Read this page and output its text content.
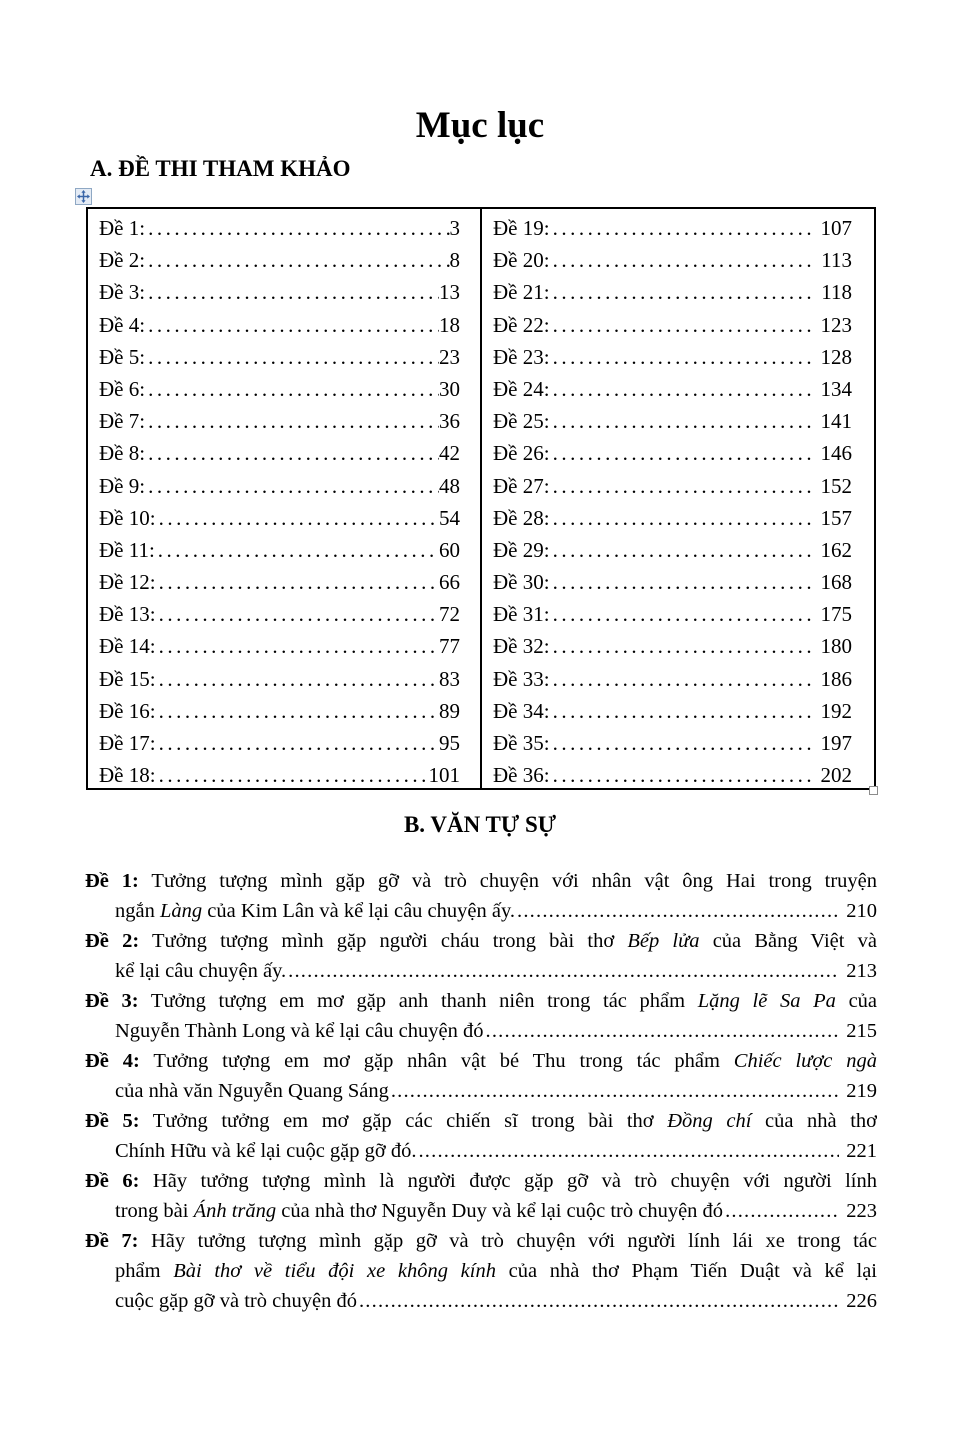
Mục lục
A. ĐỀ THI THAM KHẢO
Đề 1: .....	3
Đề 2: .....	8
Đề 3: .....	13
Đề 4: .....	18
Đề 5: .....	23
Đề 6: .....	30
Đề 7: .....	36
Đề 8: .....	42
Đề 9: .....	48
Đề 10: .....	54
Đề 11: .....	60
Đề 12: .....	66
Đề 13: .....	72
Đề 14: .....	77
Đề 15: .....	83
Đề 16: .....	89
Đề 17: .....	95
Đề 18: .....	101
Đề 19: .....	107
Đề 20: .....	113
Đề 21: .....	118
Đề 22: .....	123
Đề 23: .....	128
Đề 24: .....	134
Đề 25: .....	141
Đề 26: .....	146
Đề 27: .....	152
Đề 28: .....	157
Đề 29: .....	162
Đề 30: .....	168
Đề 31: .....	175
Đề 32: .....	180
Đề 33: .....	186
Đề 34: .....	192
Đề 35: .....	197
Đề 36: .....	202
B. VĂN TỰ SỰ
Đề 1: Tưởng tượng mình gặp gỡ và trò chuyện với nhân vật ông Hai trong truyện
ngắn Làng của Kim Lân và kể lại câu chuyện ấy. .....	210
Đề 2: Tưởng tượng mình gặp người cháu trong bài thơ Bếp lửa của Bằng Việt và
kể lại câu chuyện ấy. .....	213
Đề 3: Tưởng tượng em mơ gặp anh thanh niên trong tác phẩm Lặng lẽ Sa Pa của
Nguyễn Thành Long và kể lại câu chuyện đó .....	215
Đề 4: Tưởng tượng em mơ gặp nhân vật bé Thu trong tác phẩm Chiếc lược ngà
của nhà văn Nguyễn Quang Sáng .....	219
Đề 5: Tưởng tưởng em mơ gặp các chiến sĩ trong bài thơ Đồng chí của nhà thơ
Chính Hữu và kể lại cuộc gặp gỡ đó. .....	221
Đề 6: Hãy tưởng tượng mình là người được gặp gỡ và trò chuyện với người lính
trong bài Ánh trăng của nhà thơ Nguyễn Duy và kể lại cuộc trò chuyện đó .....	223
Đề 7: Hãy tưởng tượng mình gặp gỡ và trò chuyện với người lính lái xe trong tác
phẩm Bài thơ về tiểu đội xe không kính của nhà thơ Phạm Tiến Duật và kể lại
cuộc gặp gỡ và trò chuyện đó .....	226
